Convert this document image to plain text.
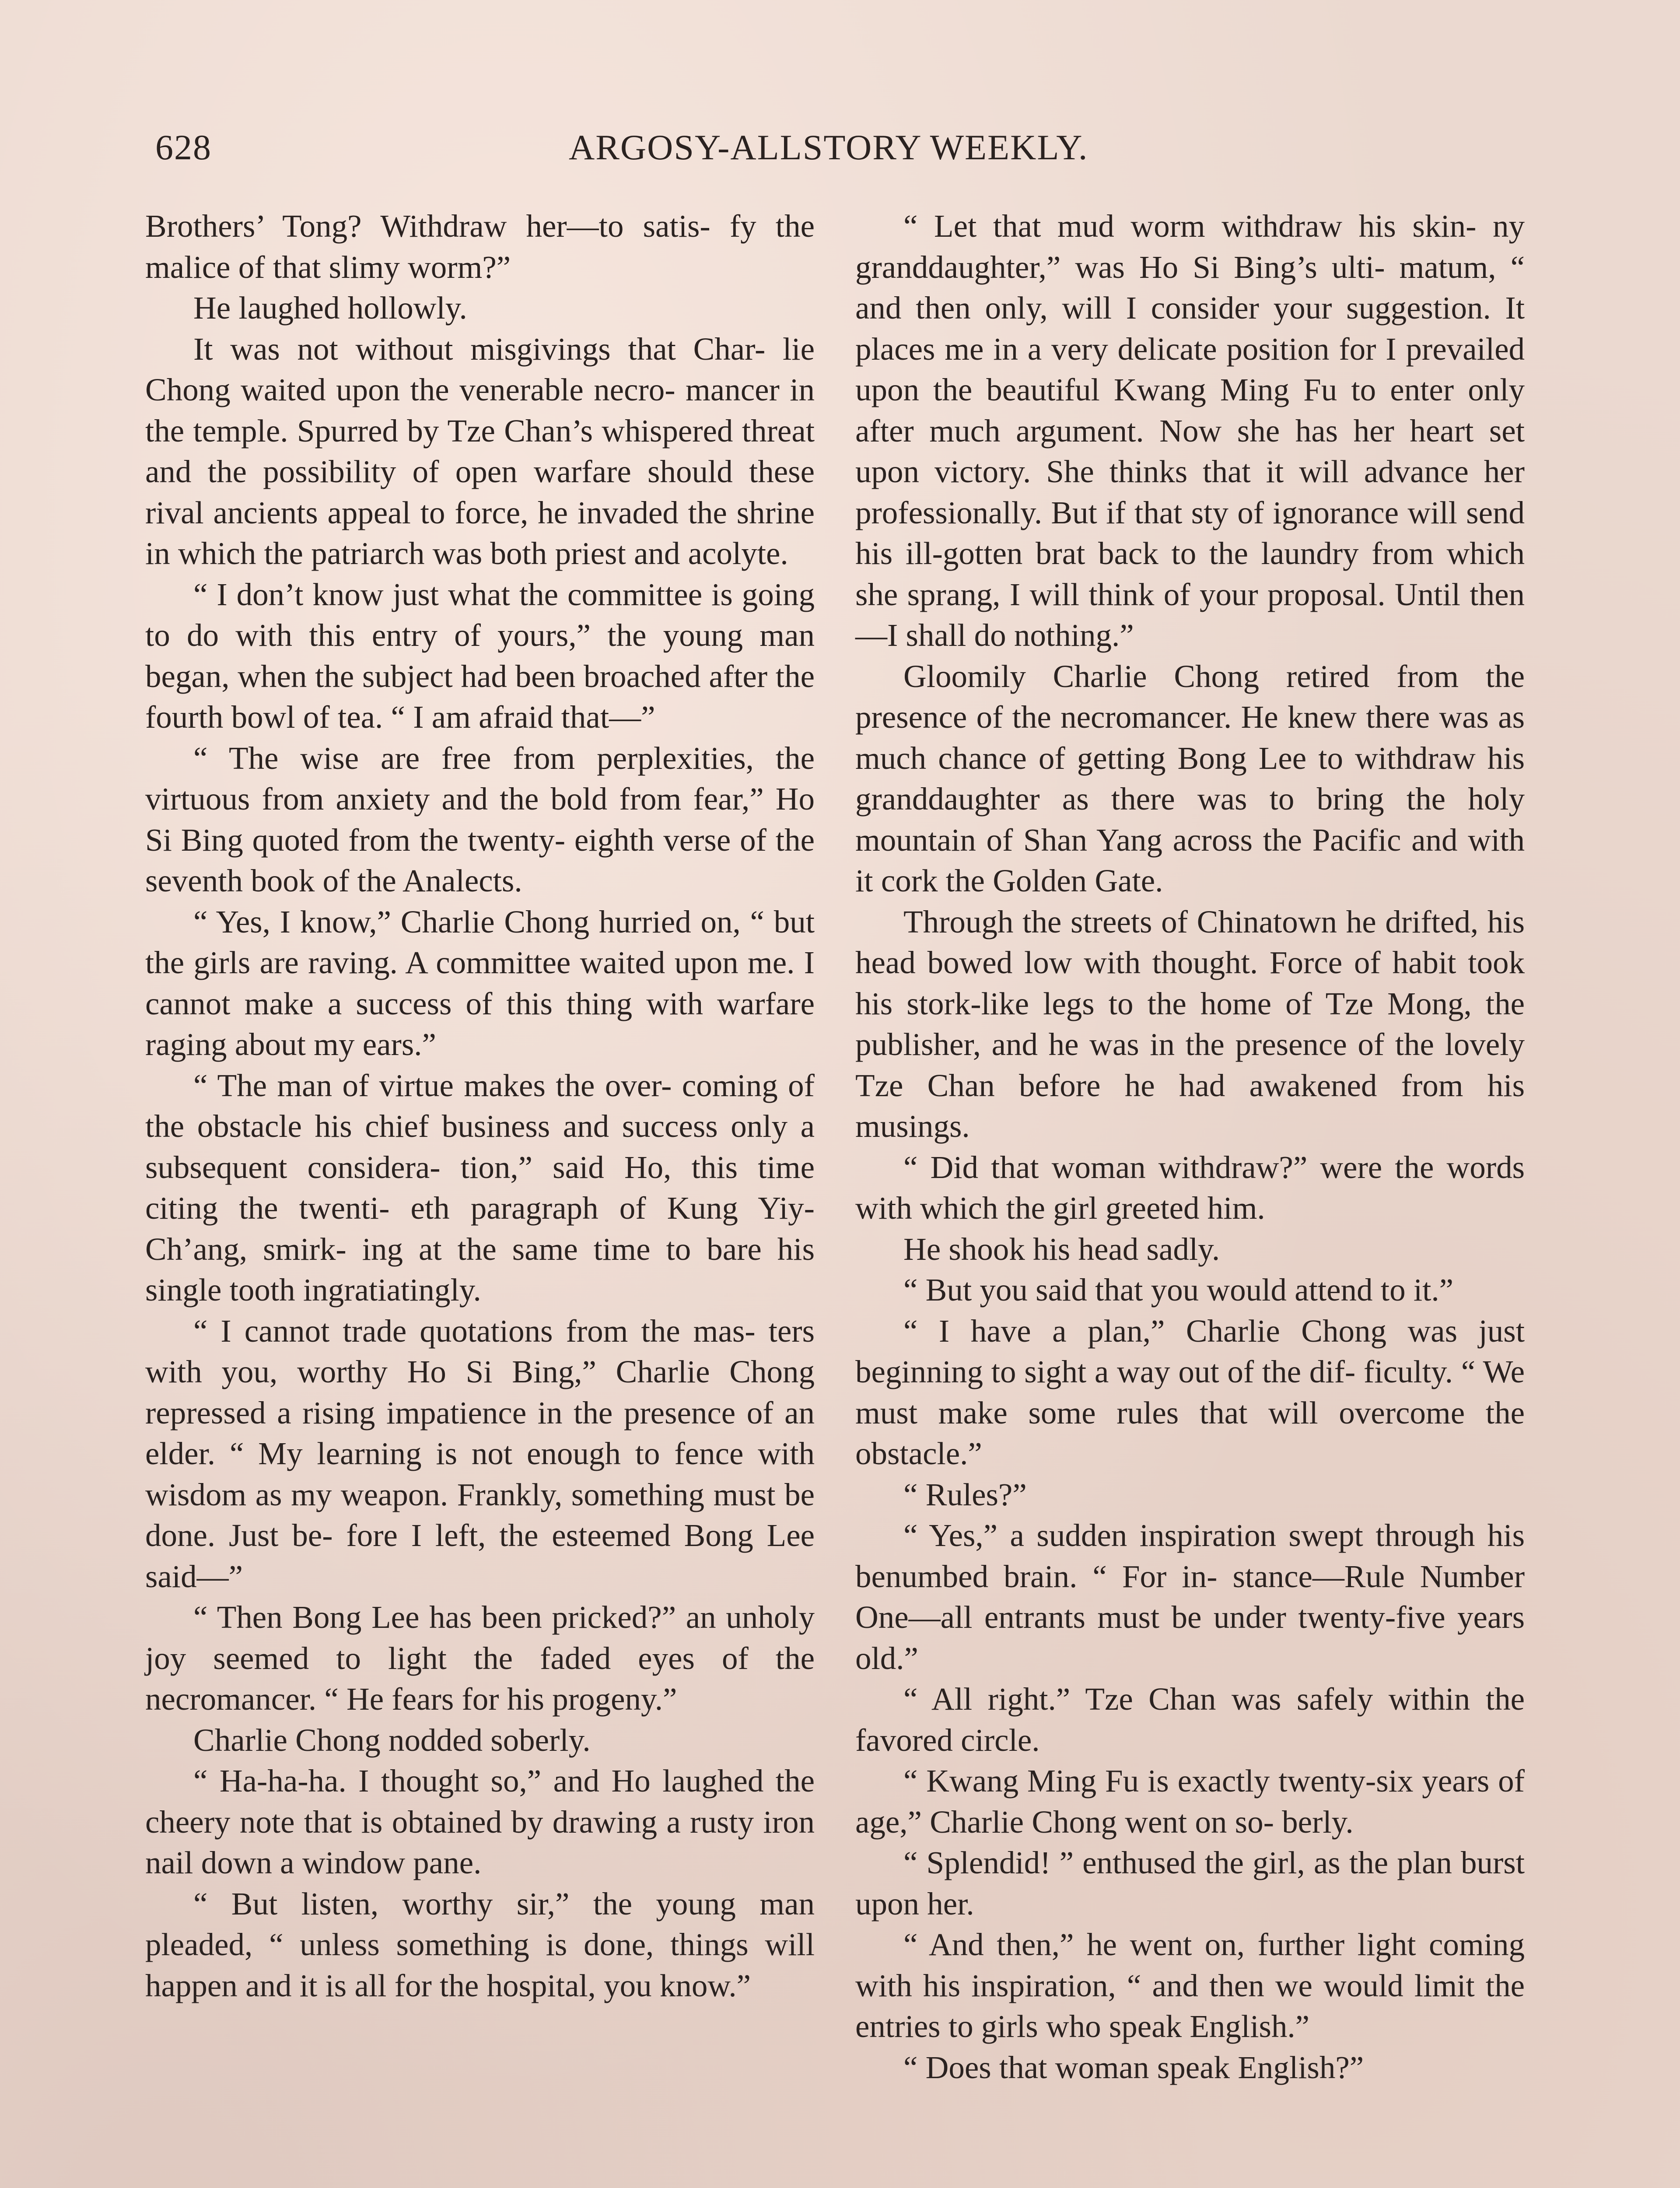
628	ARGOSY-ALLSTORY WEEKLY.

Brothers’ Tong? Withdraw her—to satis- fy the malice of that slimy worm?”

He laughed hollowly.

It was not without misgivings that Char- lie Chong waited upon the venerable necro- mancer in the temple. Spurred by Tze Chan’s whispered threat and the possibility of open warfare should these rival ancients appeal to force, he invaded the shrine in which the patriarch was both priest and acolyte.

“ I don’t know just what the committee is going to do with this entry of yours,” the young man began, when the subject had been broached after the fourth bowl of tea. “ I am afraid that—”

“ The wise are free from perplexities, the virtuous from anxiety and the bold from fear,” Ho Si Bing quoted from the twenty- eighth verse of the seventh book of the Analects.

“ Yes, I know,” Charlie Chong hurried on, “ but the girls are raving. A committee waited upon me. I cannot make a success of this thing with warfare raging about my ears.”

“ The man of virtue makes the over- coming of the obstacle his chief business and success only a subsequent considera- tion,” said Ho, this time citing the twenti- eth paragraph of Kung Yiy-Ch’ang, smirk- ing at the same time to bare his single tooth ingratiatingly.

“ I cannot trade quotations from the mas- ters with you, worthy Ho Si Bing,” Charlie Chong repressed a rising impatience in the presence of an elder. “ My learning is not enough to fence with wisdom as my weapon. Frankly, something must be done. Just be- fore I left, the esteemed Bong Lee said—”

“ Then Bong Lee has been pricked?” an unholy joy seemed to light the faded eyes of the necromancer. “ He fears for his progeny.”

Charlie Chong nodded soberly.

“ Ha-ha-ha. I thought so,” and Ho laughed the cheery note that is obtained by drawing a rusty iron nail down a window pane.

“ But listen, worthy sir,” the young man pleaded, “ unless something is done, things will happen and it is all for the hospital, you know.”

“ Let that mud worm withdraw his skin- ny granddaughter,” was Ho Si Bing’s ulti- matum, “ and then only, will I consider your suggestion. It places me in a very delicate position for I prevailed upon the beautiful Kwang Ming Fu to enter only after much argument. Now she has her heart set upon victory. She thinks that it will advance her professionally. But if that sty of ignorance will send his ill-gotten brat back to the laundry from which she sprang, I will think of your proposal. Until then—I shall do nothing.”

Gloomily Charlie Chong retired from the presence of the necromancer. He knew there was as much chance of getting Bong Lee to withdraw his granddaughter as there was to bring the holy mountain of Shan Yang across the Pacific and with it cork the Golden Gate.

Through the streets of Chinatown he drifted, his head bowed low with thought. Force of habit took his stork-like legs to the home of Tze Mong, the publisher, and he was in the presence of the lovely Tze Chan before he had awakened from his musings.

“ Did that woman withdraw?” were the words with which the girl greeted him.

He shook his head sadly.

“ But you said that you would attend to it.”

“ I have a plan,” Charlie Chong was just beginning to sight a way out of the dif- ficulty. “ We must make some rules that will overcome the obstacle.”

“ Rules?”

“ Yes,” a sudden inspiration swept through his benumbed brain. “ For in- stance—Rule Number One—all entrants must be under twenty-five years old.”

“ All right.” Tze Chan was safely within the favored circle.

“ Kwang Ming Fu is exactly twenty-six years of age,” Charlie Chong went on so- berly.

“ Splendid! ” enthused the girl, as the plan burst upon her.

“ And then,” he went on, further light coming with his inspiration, “ and then we would limit the entries to girls who speak English.”

“ Does that woman speak English?”
